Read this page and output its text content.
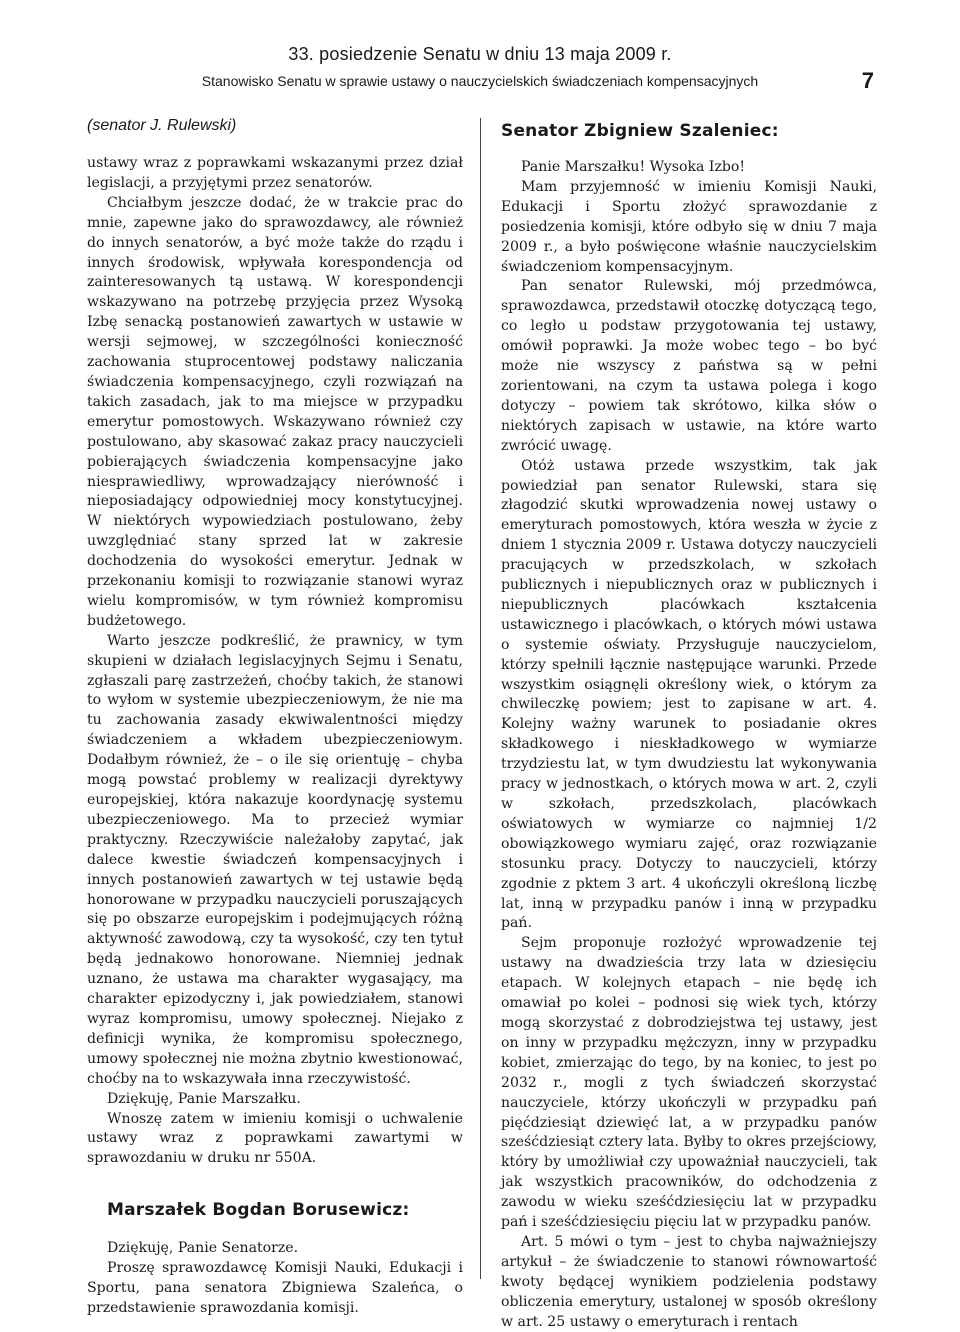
33. posiedzenie Senatu w dniu 13 maja 2009 r.
Stanowisko Senatu w sprawie ustawy o nauczycielskich świadczeniach kompensacyjnych	7
(senator J. Rulewski)

ustawy wraz z poprawkami wskazanymi przez dział legislacji, a przyjętymi przez senatorów.

Chciałbym jeszcze dodać, że w trakcie prac do mnie, zapewne jako do sprawozdawcy, ale również do innych senatorów, a być może także do rządu i innych środowisk, wpływała korespondencja od zainteresowanych tą ustawą. W korespondencji wskazywano na potrzebę przyjęcia przez Wysoką Izbę senacką postanowień zawartych w ustawie w wersji sejmowej, w szczególności konieczność zachowania stuprocentowej podstawy naliczania świadczenia kompensacyjnego, czyli rozwiązań na takich zasadach, jak to ma miejsce w przypadku emerytur pomostowych. Wskazywano również czy postulowano, aby skasować zakaz pracy nauczycieli pobierających świadczenia kompensacyjne jako niesprawiedliwy, wprowadzający nierówność i nieposiadający odpowiedniej mocy konstytucyjnej. W niektórych wypowiedziach postulowano, żeby uwzględniać stany sprzed lat w zakresie dochodzenia do wysokości emerytur. Jednak w przekonaniu komisji to rozwiązanie stanowi wyraz wielu kompromisów, w tym również kompromisu budżetowego.

Warto jeszcze podkreślić, że prawnicy, w tym skupieni w działach legislacyjnych Sejmu i Senatu, zgłaszali parę zastrzeżeń, choćby takich, że stanowi to wyłom w systemie ubezpieczeniowym, że nie ma tu zachowania zasady ekwiwalentności między świadczeniem a wkładem ubezpieczeniowym. Dodałbym również, że – o ile się orientuję – chyba mogą powstać problemy w realizacji dyrektywy europejskiej, która nakazuje koordynację systemu ubezpieczeniowego. Ma to przecież wymiar praktyczny. Rzeczywiście należałoby zapytać, jak dalece kwestie świadczeń kompensacyjnych i innych postanowień zawartych w tej ustawie będą honorowane w przypadku nauczycieli poruszających się po obszarze europejskim i podejmujących różną aktywność zawodową, czy ta wysokość, czy ten tytuł będą jednakowo honorowane. Niemniej jednak uznano, że ustawa ma charakter wygasający, ma charakter epizodyczny i, jak powiedziałem, stanowi wyraz kompromisu, umowy społecznej. Niejako z definicji wynika, że kompromisu społecznego, umowy społecznej nie można zbytnio kwestionować, choćby na to wskazywała inna rzeczywistość.

Dziękuję, Panie Marszałku.

Wnoszę zatem w imieniu komisji o uchwalenie ustawy wraz z poprawkami zawartymi w sprawozdaniu w druku nr 550A.

Marszałek Bogdan Borusewicz:

Dziękuję, Panie Senatorze.

Proszę sprawozdawcę Komisji Nauki, Edukacji i Sportu, pana senatora Zbigniewa Szaleńca, o przedstawienie sprawozdania komisji.

Senator Zbigniew Szaleniec:

Panie Marszałku! Wysoka Izbo!

Mam przyjemność w imieniu Komisji Nauki, Edukacji i Sportu złożyć sprawozdanie z posiedzenia komisji, które odbyło się w dniu 7 maja 2009 r., a było poświęcone właśnie nauczycielskim świadczeniom kompensacyjnym.

Pan senator Rulewski, mój przedmówca, sprawozdawca, przedstawił otoczkę dotyczącą tego, co legło u podstaw przygotowania tej ustawy, omówił poprawki. Ja może wobec tego – bo być może nie wszyscy z państwa są w pełni zorientowani, na czym ta ustawa polega i kogo dotyczy – powiem tak skrótowo, kilka słów o niektórych zapisach w ustawie, na które warto zwrócić uwagę.

Otóż ustawa przede wszystkim, tak jak powiedział pan senator Rulewski, stara się złagodzić skutki wprowadzenia nowej ustawy o emeryturach pomostowych, która weszła w życie z dniem 1 stycznia 2009 r. Ustawa dotyczy nauczycieli pracujących w przedszkolach, w szkołach publicznych i niepublicznych oraz w publicznych i niepublicznych placówkach kształcenia ustawicznego i placówkach, o których mówi ustawa o systemie oświaty. Przysługuje nauczycielom, którzy spełnili łącznie następujące warunki. Przede wszystkim osiągnęli określony wiek, o którym za chwileczkę powiem; jest to zapisane w art. 4. Kolejny ważny warunek to posiadanie okres składkowego i nieskładkowego w wymiarze trzydziestu lat, w tym dwudziestu lat wykonywania pracy w jednostkach, o których mowa w art. 2, czyli w szkołach, przedszkolach, placówkach oświatowych w wymiarze co najmniej 1/2 obowiązkowego wymiaru zajęć, oraz rozwiązanie stosunku pracy. Dotyczy to nauczycieli, którzy zgodnie z pktem 3 art. 4 ukończyli określoną liczbę lat, inną w przypadku panów i inną w przypadku pań.

Sejm proponuje rozłożyć wprowadzenie tej ustawy na dwadzieścia trzy lata w dziesięciu etapach. W kolejnych etapach – nie będę ich omawiał po kolei – podnosi się wiek tych, którzy mogą skorzystać z dobrodziejstwa tej ustawy, jest on inny w przypadku mężczyzn, inny w przypadku kobiet, zmierzając do tego, by na koniec, to jest po 2032 r., mogli z tych świadczeń skorzystać nauczyciele, którzy ukończyli w przypadku pań pięćdziesiąt dziewięć lat, a w przypadku panów sześćdziesiąt cztery lata. Byłby to okres przejściowy, który by umożliwiał czy upoważniał nauczycieli, tak jak wszystkich pracowników, do odchodzenia z zawodu w wieku sześćdziesięciu lat w przypadku pań i sześćdziesięciu pięciu lat w przypadku panów.

Art. 5 mówi o tym – jest to chyba najważniejszy artykuł – że świadczenie to stanowi równowartość kwoty będącej wynikiem podzielenia podstawy obliczenia emerytury, ustalonej w sposób określony w art. 25 ustawy o emeryturach i rentach
